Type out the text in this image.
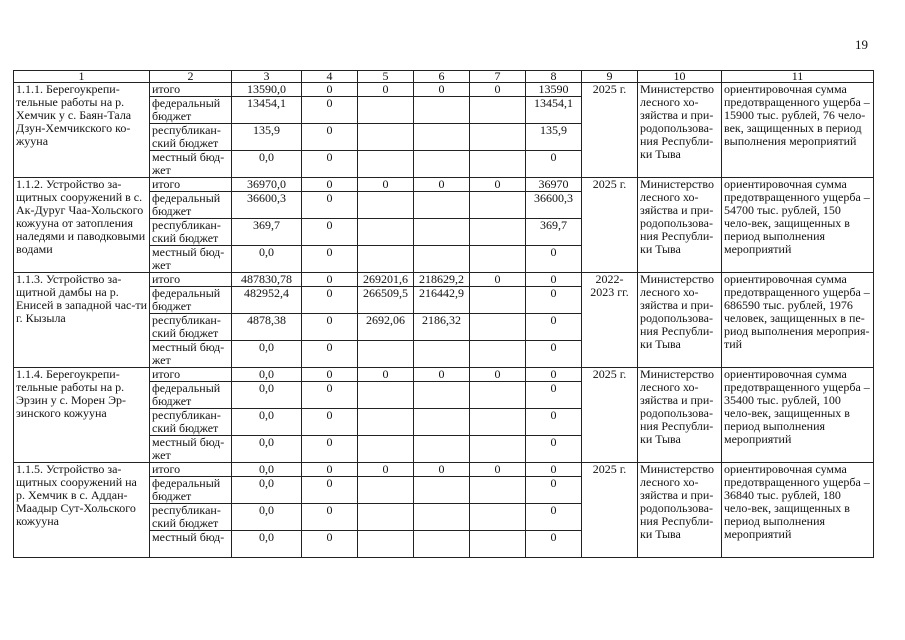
19
1	2	3	4	5	6	7	8	9	10	11
1.1.1. Берегоукрепи-тельные работы на р. Хемчик у с. Баян-Тала Дзун-Хемчикского ко-жууна	итого	13590,0	0	0	0	0	13590	2025 г.	Министерство лесного хо-зяйства и при-родопользова-ния Республи-ки Тыва	ориентировочная сумма предотвращенного ущерба – 15900 тыс. рублей, 76 чело-век, защищенных в период выполнения мероприятий
	федеральный бюджет	13454,1	0				13454,1			
	республикан-ский бюджет	135,9	0				135,9			
	местный бюд-жет	0,0	0				0			
1.1.2. Устройство за-щитных сооружений в с. Ак-Дуруг Чаа-Хольского кожууна от затопления наледями и паводковыми водами	итого	36970,0	0	0	0	0	36970	2025 г.	Министерство лесного хо-зяйства и при-родопользова-ния Республи-ки Тыва	ориентировочная сумма предотвращенного ущерба – 54700 тыс. рублей, 150 чело-век, защищенных в период выполнения мероприятий
	федеральный бюджет	36600,3	0				36600,3			
	республикан-ский бюджет	369,7	0				369,7			
	местный бюд-жет	0,0	0				0			
1.1.3. Устройство за-щитной дамбы на р. Енисей в западной час-ти г. Кызыла	итого	487830,78	0	269201,6	218629,2	0	0	2022-2023 гг.	Министерство лесного хо-зяйства и при-родопользова-ния Республи-ки Тыва	ориентировочная сумма предотвращенного ущерба – 686590 тыс. рублей, 1976 человек, защищенных в пе-риод выполнения мероприя-тий
	федеральный бюджет	482952,4	0	266509,5	216442,9		0			
	республикан-ский бюджет	4878,38	0	2692,06	2186,32		0			
	местный бюд-жет	0,0	0				0			
1.1.4. Берегоукрепи-тельные работы на р. Эрзин у с. Морен Эр-зинского кожууна	итого	0,0	0	0	0	0	0	2025 г.	Министерство лесного хо-зяйства и при-родопользова-ния Республи-ки Тыва	ориентировочная сумма предотвращенного ущерба – 35400 тыс. рублей, 100 чело-век, защищенных в период выполнения мероприятий
	федеральный бюджет	0,0	0				0			
	республикан-ский бюджет	0,0	0				0			
	местный бюд-жет	0,0	0				0			
1.1.5. Устройство за-щитных сооружений на р. Хемчик в с. Аддан-Маадыр Сут-Хольского кожууна	итого	0,0	0	0	0	0	0	2025 г.	Министерство лесного хо-зяйства и при-родопользова-ния Республи-ки Тыва	ориентировочная сумма предотвращенного ущерба – 36840 тыс. рублей, 180 чело-век, защищенных в период выполнения мероприятий
	федеральный бюджет	0,0	0				0			
	республикан-ский бюджет	0,0	0				0			
	местный бюд-	0,0	0				0			
